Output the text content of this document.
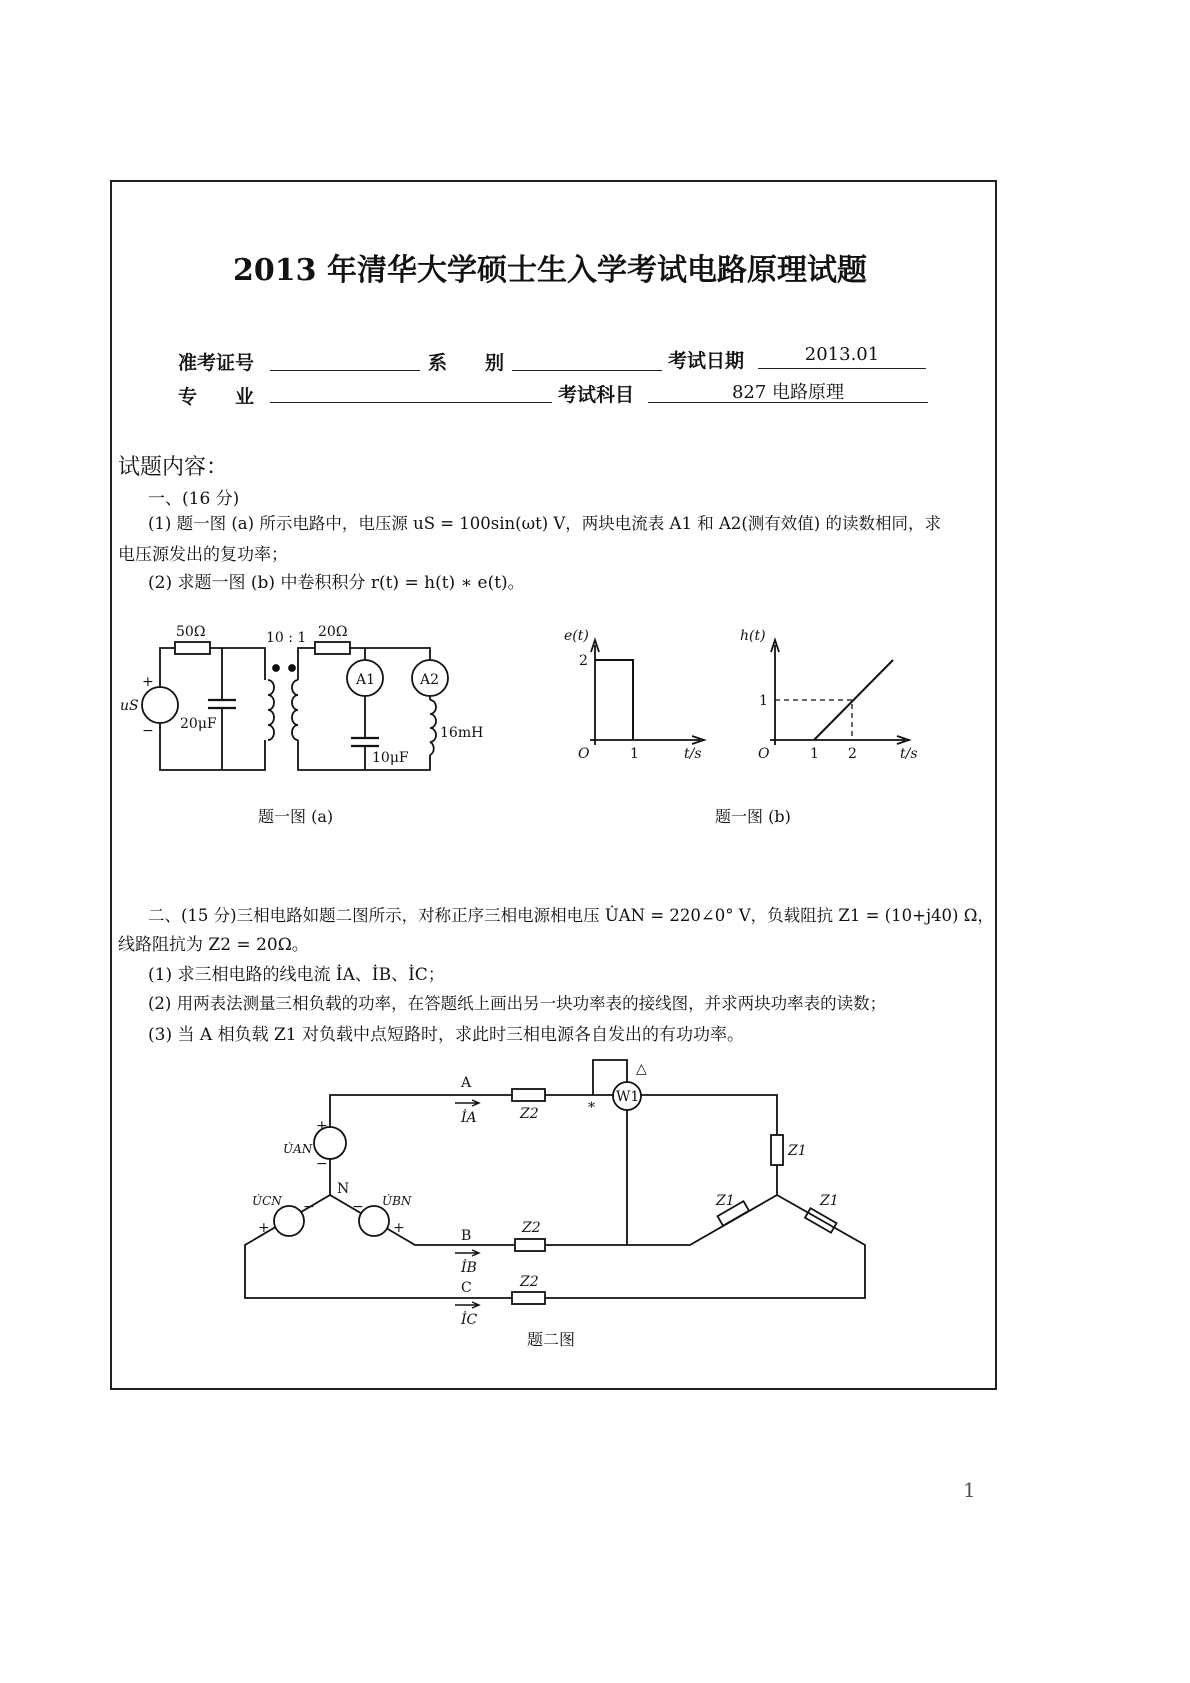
2013 年清华大学硕士生入学考试电路原理试题
准考证号	系　　别	考试日期	2013.01
专　　业	考试科目	827 电路原理
试题内容：
一、(16 分)
(1) 题一图 (a) 所示电路中，电压源 uS = 100sin(ωt) V，两块电流表 A1 和 A2(测有效值) 的读数相同，求
电压源发出的复功率；
(2) 求题一图 (b) 中卷积积分 r(t) = h(t) ∗ e(t)。
二、(15 分)三相电路如题二图所示，对称正序三相电源相电压 U̇AN = 220∠0° V，负载阻抗 Z1 = (10+j40) Ω，
线路阻抗为 Z2 = 20Ω。
(1) 求三相电路的线电流 İA、İB、İC；
(2) 用两表法测量三相负载的功率，在答题纸上画出另一块功率表的接线图，并求两块功率表的读数；
(3) 当 A 相负载 Z1 对负载中点短路时，求此时三相电源各自发出的有功功率。
1
50Ω	10 : 1 20Ω
A1	A2
uS
+
− 20μF
10μF
16mH
e(t)
2
O	1	t/s
h(t)
1
O	1 2	t/s
题一图 (a)	题一图 (b)
A
B
C
İA
İB
İC
Z2
Z2
Z2
Z1
Z1	Z1
W1
*
△
N
U̇AN
+
−
U̇CN
+
−	U̇BN
+
−
题二图
